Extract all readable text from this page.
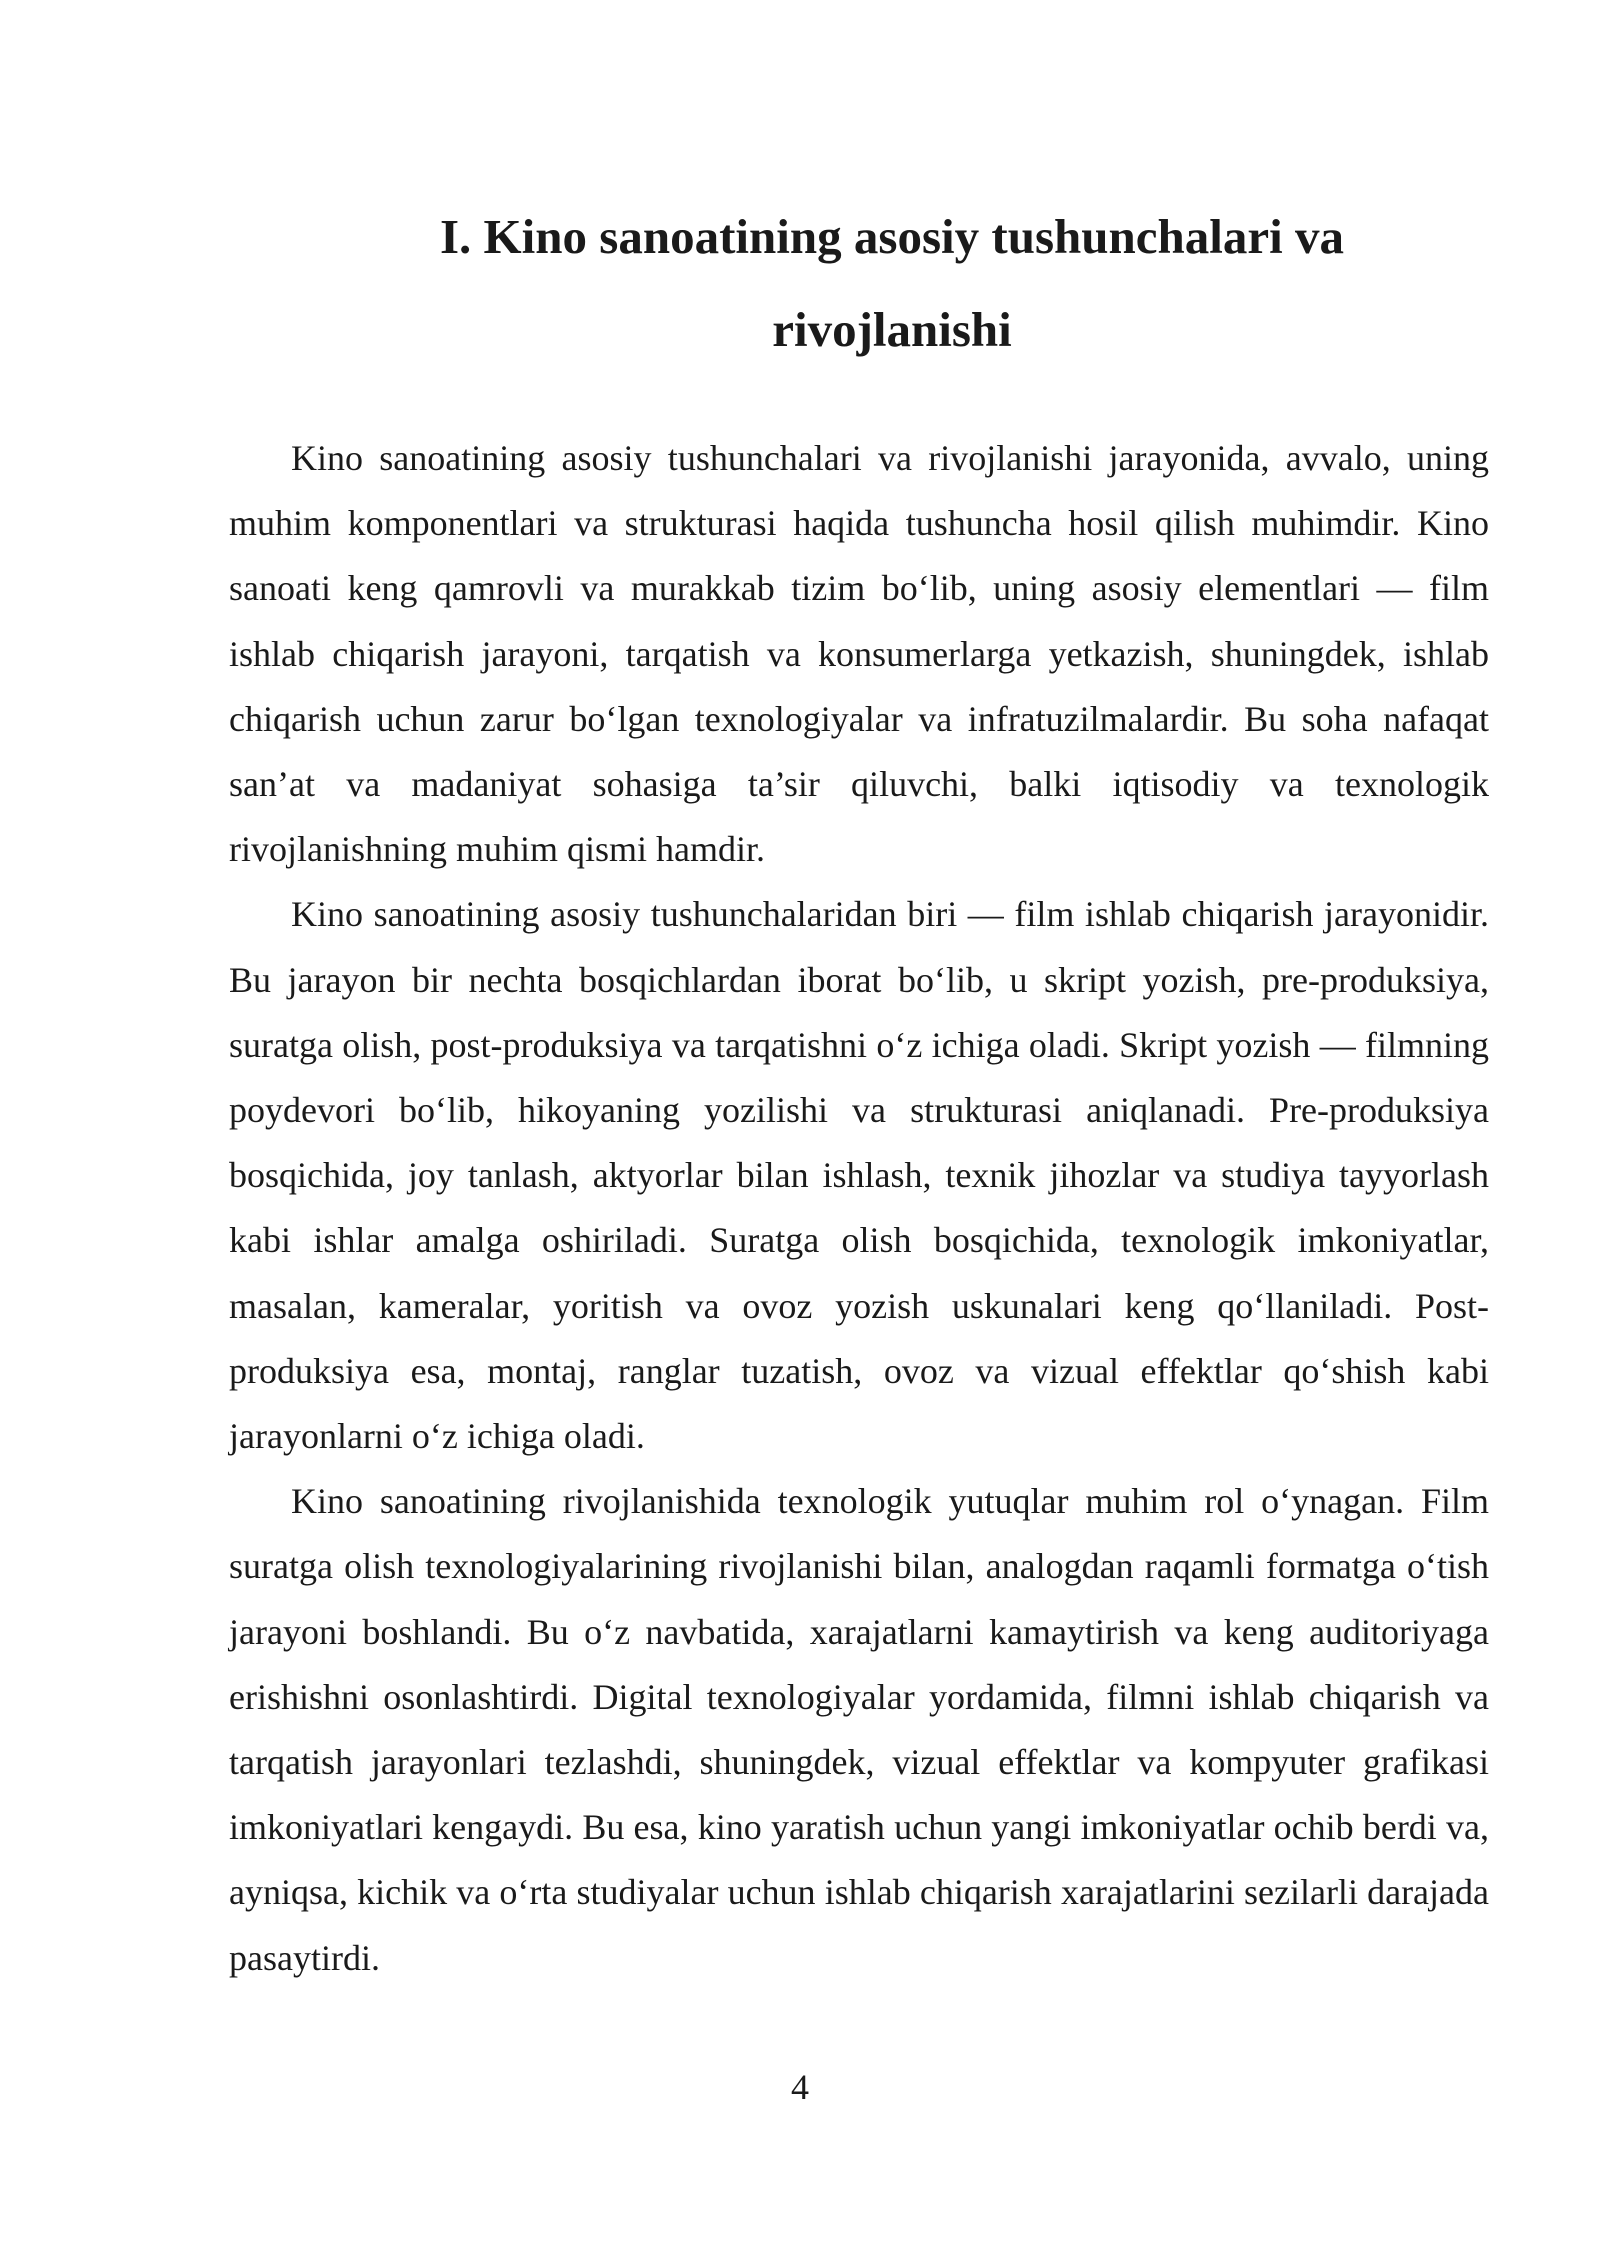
I. Kino sanoatining asosiy tushunchalari va rivojlanishi

Kino sanoatining asosiy tushunchalari va rivojlanishi jarayonida, avvalo, uning muhim komponentlari va strukturasi haqida tushuncha hosil qilish muhimdir. Kino sanoati keng qamrovli va murakkab tizim bo‘lib, uning asosiy elementlari — film ishlab chiqarish jarayoni, tarqatish va konsumerlarga yetkazish, shuningdek, ishlab chiqarish uchun zarur bo‘lgan texnologiyalar va infratuzilmalardir. Bu soha nafaqat san’at va madaniyat sohasiga ta’sir qiluvchi, balki iqtisodiy va texnologik rivojlanishning muhim qismi hamdir.

Kino sanoatining asosiy tushunchalaridan biri — film ishlab chiqarish jarayonidir. Bu jarayon bir nechta bosqichlardan iborat bo‘lib, u skript yozish, pre-produksiya, suratga olish, post-produksiya va tarqatishni o‘z ichiga oladi. Skript yozish — filmning poydevori bo‘lib, hikoyaning yozilishi va strukturasi aniqlanadi. Pre-produksiya bosqichida, joy tanlash, aktyorlar bilan ishlash, texnik jihozlar va studiya tayyorlash kabi ishlar amalga oshiriladi. Suratga olish bosqichida, texnologik imkoniyatlar, masalan, kameralar, yoritish va ovoz yozish uskunalari keng qo‘llaniladi. Post-produksiya esa, montaj, ranglar tuzatish, ovoz va vizual effektlar qo‘shish kabi jarayonlarni o‘z ichiga oladi.

Kino sanoatining rivojlanishida texnologik yutuqlar muhim rol o‘ynagan. Film suratga olish texnologiyalarining rivojlanishi bilan, analogdan raqamli formatga o‘tish jarayoni boshlandi. Bu o‘z navbatida, xarajatlarni kamaytirish va keng auditoriyaga erishishni osonlashtirdi. Digital texnologiyalar yordamida, filmni ishlab chiqarish va tarqatish jarayonlari tezlashdi, shuningdek, vizual effektlar va kompyuter grafikasi imkoniyatlari kengaydi. Bu esa, kino yaratish uchun yangi imkoniyatlar ochib berdi va, ayniqsa, kichik va o‘rta studiyalar uchun ishlab chiqarish xarajatlarini sezilarli darajada pasaytirdi.

4
